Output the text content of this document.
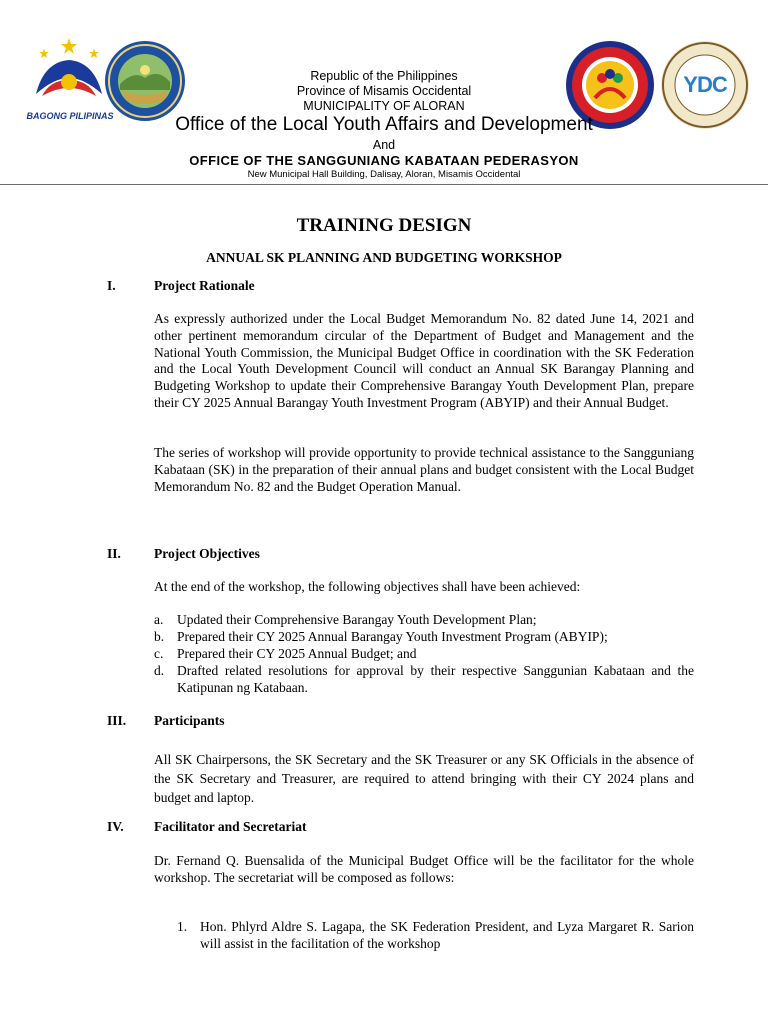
BAGONG PILIPINAS
YDC
Republic of the Philippines
Province of Misamis Occidental
MUNICIPALITY OF ALORAN
Office of the Local Youth Affairs and Development
And
OFFICE OF THE SANGGUNIANG KABATAAN PEDERASYON
New Municipal Hall Building, Dalisay, Aloran, Misamis Occidental
TRAINING DESIGN
ANNUAL SK PLANNING AND BUDGETING WORKSHOP
I.	Project Rationale
As expressly authorized under the Local Budget Memorandum No. 82 dated June 14, 2021 and other pertinent memorandum circular of the Department of Budget and Management and the National Youth Commission, the Municipal Budget Office in coordination with the SK Federation and the Local Youth Development Council will conduct an Annual SK Barangay Planning and Budgeting Workshop to update their Comprehensive Barangay Youth Development Plan, prepare their CY 2025 Annual Barangay Youth Investment Program (ABYIP) and their Annual Budget.
The series of workshop will provide opportunity to provide technical assistance to the Sangguniang Kabataan (SK) in the preparation of their annual plans and budget consistent with the Local Budget Memorandum No. 82 and the Budget Operation Manual.
II. Project Objectives
At the end of the workshop, the following objectives shall have been achieved:
a. Updated their Comprehensive Barangay Youth Development Plan;
b. Prepared their CY 2025 Annual Barangay Youth Investment Program (ABYIP);
c. Prepared their CY 2025 Annual Budget; and
d. Drafted related resolutions for approval by their respective Sanggunian Kabataan and the Katipunan ng Katabaan.
III. Participants
All SK Chairpersons, the SK Secretary and the SK Treasurer or any SK Officials in the absence of the SK Secretary and Treasurer, are required to attend bringing with their CY 2024 plans and budget and laptop.
IV. Facilitator and Secretariat
Dr. Fernand Q. Buensalida of the Municipal Budget Office will be the facilitator for the whole workshop. The secretariat will be composed as follows:
1. Hon. Phlyrd Aldre S. Lagapa, the SK Federation President, and Lyza Margaret R. Sarion will assist in the facilitation of the workshop
